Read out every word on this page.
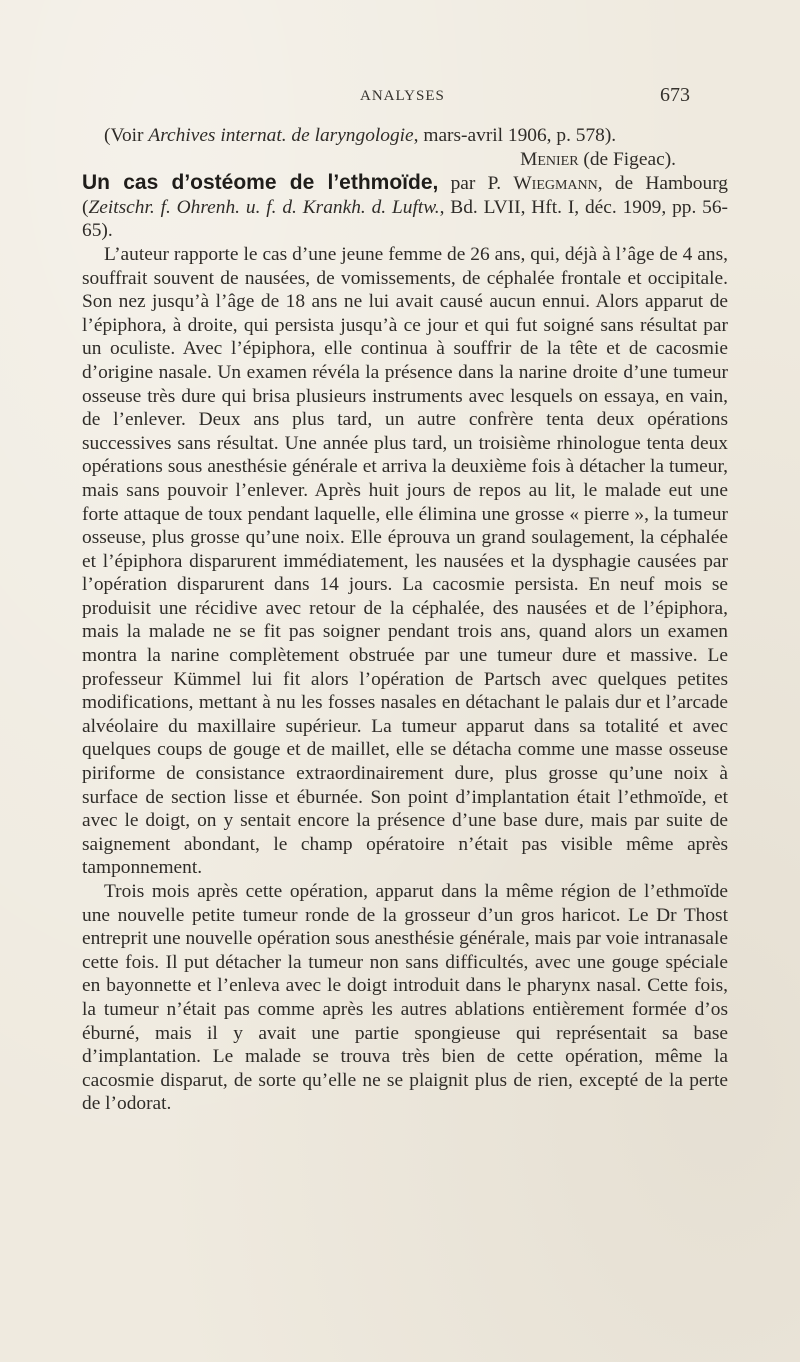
ANALYSES	673

(Voir Archives internat. de laryngologie, mars-avril 1906, p. 578).

Menier (de Figeac).

Un cas d’ostéome de l’ethmoïde, par P. Wiegmann, de Hambourg (Zeitschr. f. Ohrenh. u. f. d. Krankh. d. Luftw., Bd. LVII, Hft. I, déc. 1909, pp. 56-65).

L’auteur rapporte le cas d’une jeune femme de 26 ans, qui, déjà à l’âge de 4 ans, souffrait souvent de nausées, de vomissements, de céphalée frontale et occipitale. Son nez jusqu’à l’âge de 18 ans ne lui avait causé aucun ennui. Alors apparut de l’épiphora, à droite, qui persista jusqu’à ce jour et qui fut soigné sans résultat par un oculiste. Avec l’épiphora, elle continua à souffrir de la tête et de cacosmie d’origine nasale. Un examen révéla la présence dans la narine droite d’une tumeur osseuse très dure qui brisa plusieurs instruments avec lesquels on essaya, en vain, de l’enlever. Deux ans plus tard, un autre confrère tenta deux opérations successives sans résultat. Une année plus tard, un troisième rhinologue tenta deux opérations sous anesthésie générale et arriva la deuxième fois à détacher la tumeur, mais sans pouvoir l’enlever. Après huit jours de repos au lit, le malade eut une forte attaque de toux pendant laquelle, elle élimina une grosse « pierre », la tumeur osseuse, plus grosse qu’une noix. Elle éprouva un grand soulagement, la céphalée et l’épiphora disparurent immédiatement, les nausées et la dysphagie causées par l’opération disparurent dans 14 jours. La cacosmie persista. En neuf mois se produisit une récidive avec retour de la céphalée, des nausées et de l’épiphora, mais la malade ne se fit pas soigner pendant trois ans, quand alors un examen montra la narine complètement obstruée par une tumeur dure et massive. Le professeur Kümmel lui fit alors l’opération de Partsch avec quelques petites modifications, mettant à nu les fosses nasales en détachant le palais dur et l’arcade alvéolaire du maxillaire supérieur. La tumeur apparut dans sa totalité et avec quelques coups de gouge et de maillet, elle se détacha comme une masse osseuse piriforme de consistance extraordinairement dure, plus grosse qu’une noix à surface de section lisse et éburnée. Son point d’implantation était l’ethmoïde, et avec le doigt, on y sentait encore la présence d’une base dure, mais par suite de saignement abondant, le champ opératoire n’était pas visible même après tamponnement.

Trois mois après cette opération, apparut dans la même région de l’ethmoïde une nouvelle petite tumeur ronde de la grosseur d’un gros haricot. Le Dr Thost entreprit une nouvelle opération sous anesthésie générale, mais par voie intranasale cette fois. Il put détacher la tumeur non sans difficultés, avec une gouge spéciale en bayonnette et l’enleva avec le doigt introduit dans le pharynx nasal. Cette fois, la tumeur n’était pas comme après les autres ablations entièrement formée d’os éburné, mais il y avait une partie spongieuse qui représentait sa base d’implantation. Le malade se trouva très bien de cette opération, même la cacosmie disparut, de sorte qu’elle ne se plaignit plus de rien, excepté de la perte de l’odorat.
